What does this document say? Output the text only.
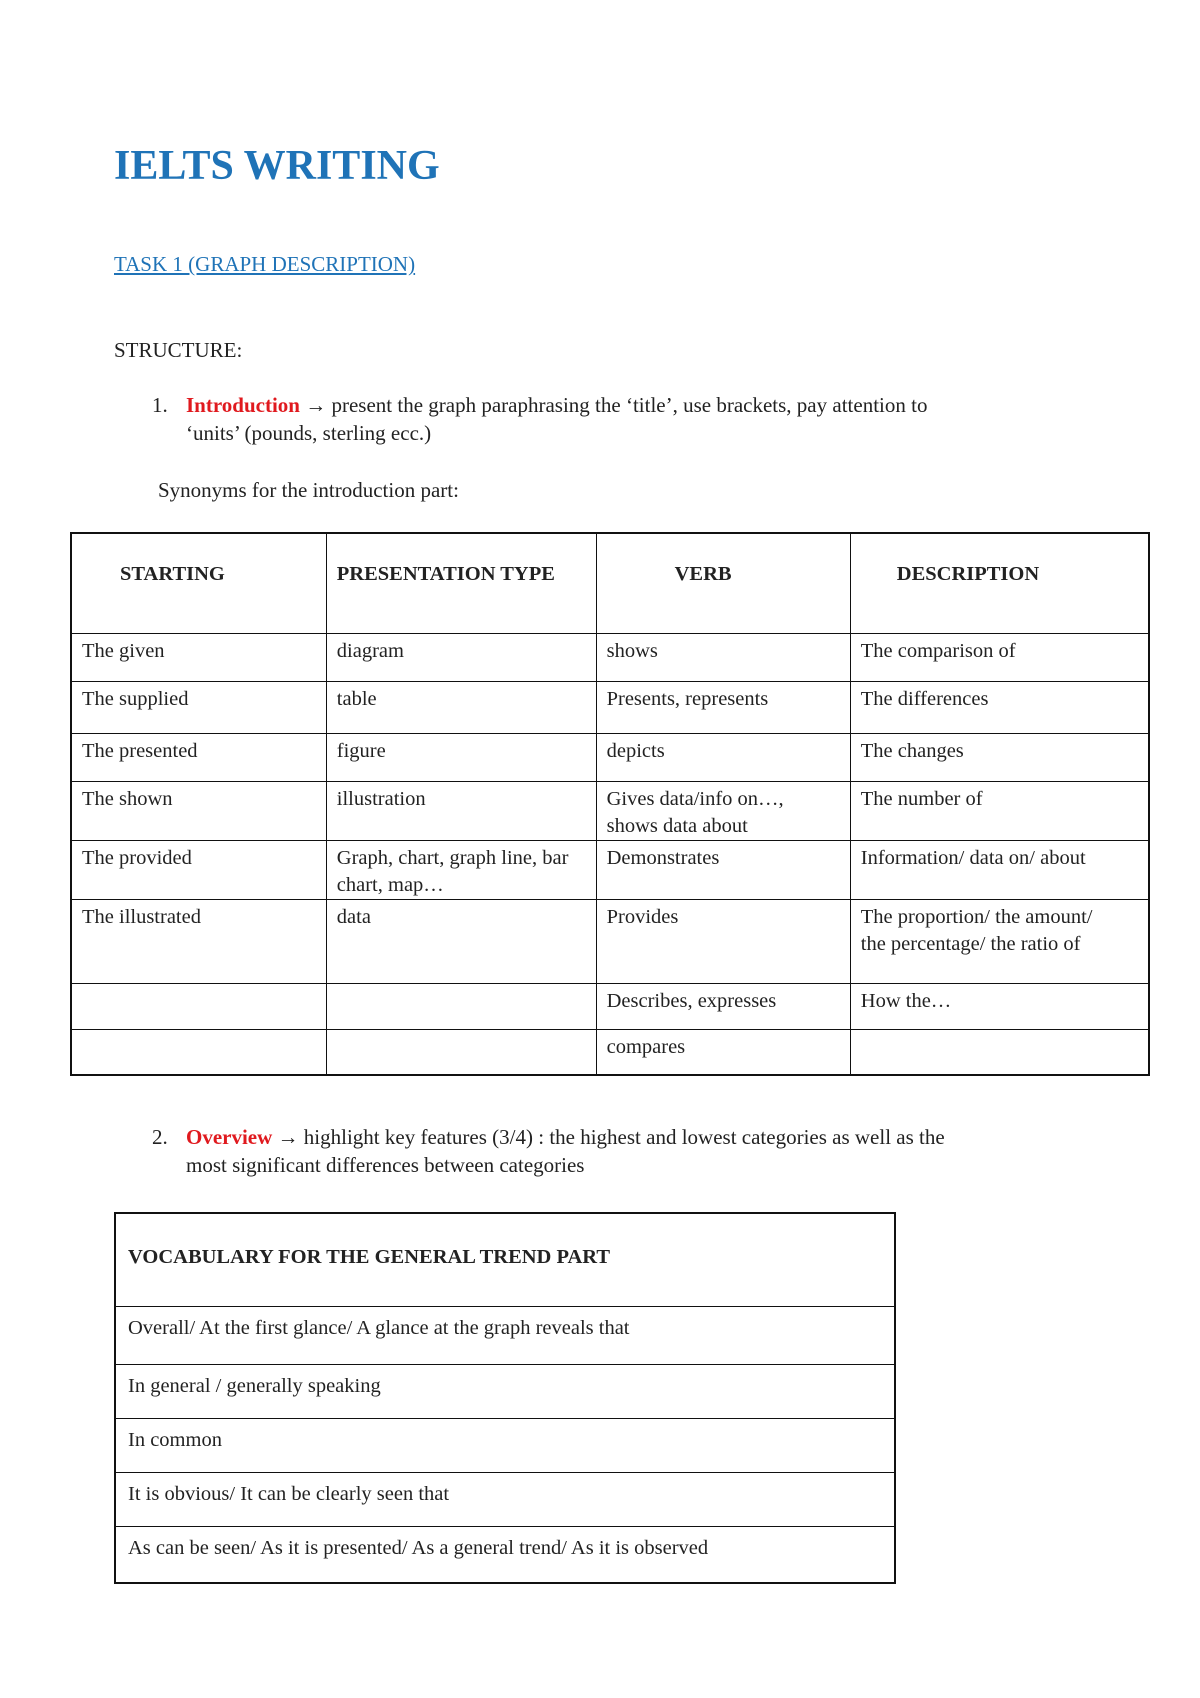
IELTS WRITING
TASK 1 (GRAPH DESCRIPTION)
STRUCTURE:
1. Introduction → present the graph paraphrasing the ‘title’, use brackets, pay attention to
‘units’ (pounds, sterling ecc.)
Synonyms for the introduction part:
STARTING	PRESENTATION TYPE	VERB	DESCRIPTION
The given	diagram	shows	The comparison of
The supplied	table	Presents, represents	The differences
The presented	figure	depicts	The changes
The shown	illustration	Gives data/info on…, shows data about	The number of
The provided	Graph, chart, graph line, bar chart, map…	Demonstrates	Information/ data on/ about
The illustrated	data	Provides	The proportion/ the amount/ the percentage/ the ratio of

		Describes, expresses	How the…
		compares	
2. Overview → highlight key features (3/4) : the highest and lowest categories as well as the
most significant differences between categories
VOCABULARY FOR THE GENERAL TREND PART
Overall/ At the first glance/ A glance at the graph reveals that
In general / generally speaking
In common
It is obvious/ It can be clearly seen that
As can be seen/ As it is presented/ As a general trend/ As it is observed
